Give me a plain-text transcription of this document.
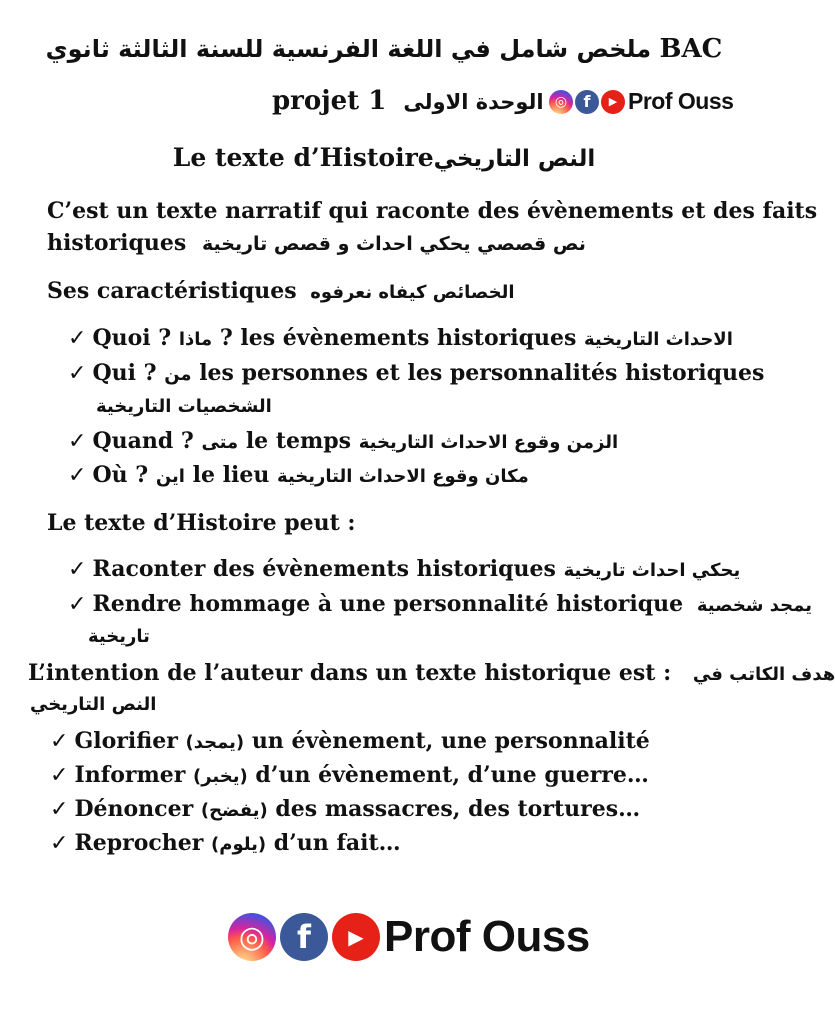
ملخص شامل في اللغة الفرنسية للسنة الثالثة ثانوي BAC
projet 1 الوحدة الاولى ◎	f	▶ Prof Ouss
Le texte d’Histoireالنص التاريخي
C’est un texte narratif qui raconte des évènements et des faits
historiques نص قصصي يحكي احداث و قصص تاريخية
Ses caractéristiques الخصائص كيفاه نعرفوه
✓ Quoi ? ماذا ? les évènements historiques الاحداث التاريخية
✓ Qui ? من les personnes et les personnalités historiques
الشخصيات التاريخية
✓ Quand ? متى le temps الزمن وقوع الاحداث التاريخية
✓ Où ? اين le lieu مكان وقوع الاحداث التاريخية
Le texte d’Histoire peut :
✓ Raconter des évènements historiques يحكي احداث تاريخية
✓ Rendre hommage à une personnalité historique يمجد شخصية
تاريخية
L’intention de l’auteur dans un texte historique est : هدف الكاتب في
النص التاريخي
✓ Glorifier (يمجد) un évènement, une personnalité
✓ Informer (يخبر) d’un évènement, d’une guerre…
✓ Dénoncer (يفضح) des massacres, des tortures…
✓ Reprocher (يلوم) d’un fait…
◎ f	▶ Prof Ouss
